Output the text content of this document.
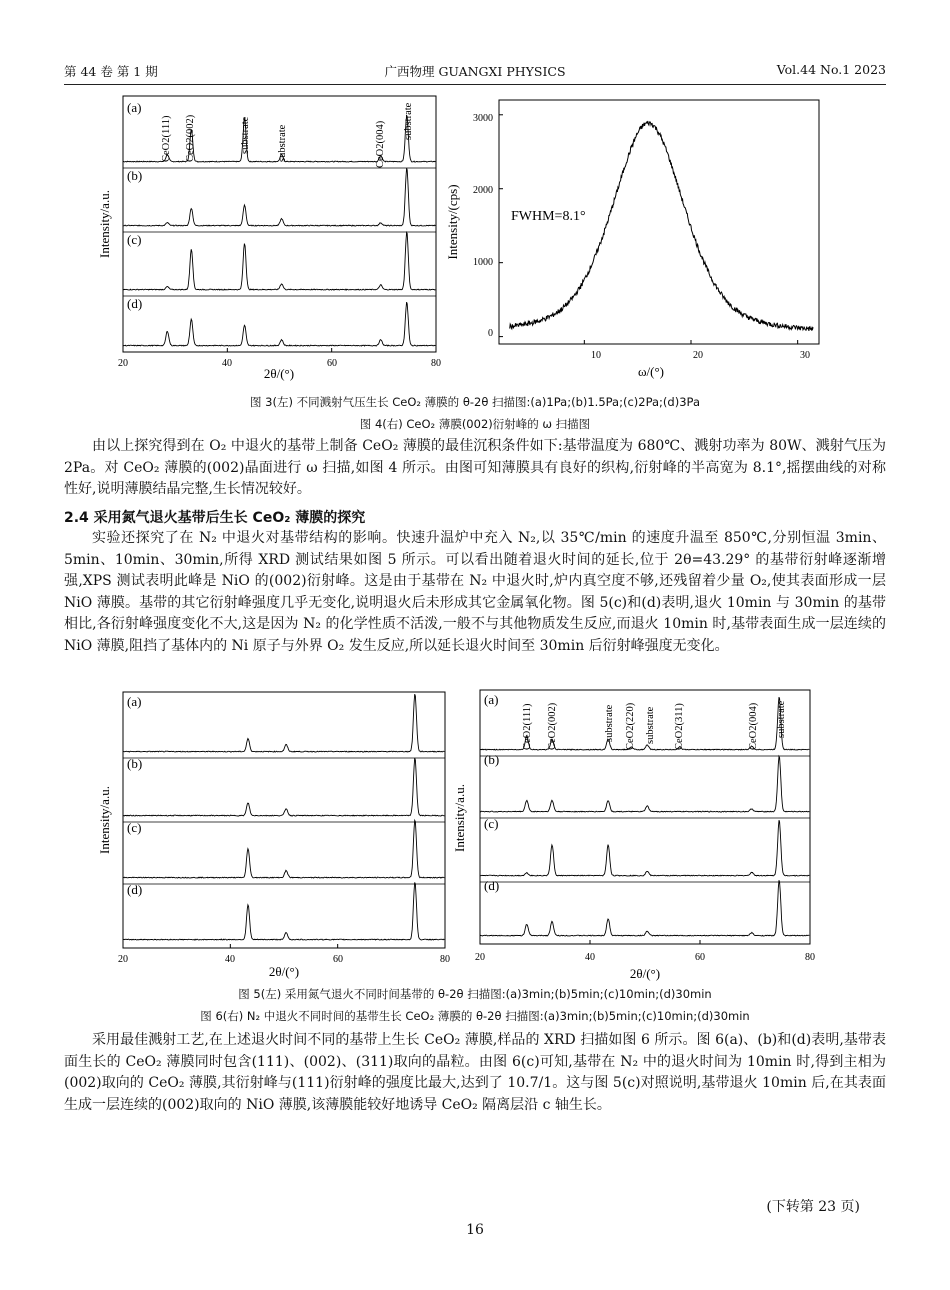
第 44 卷 第 1 期	广西物理 GUANGXI PHYSICS	Vol.44 No.1 2023
Intensity/a.u.
2θ/(°)
20	40	60	80
(a)
(b)
(c)
(d)
CeO2(111) CeO2(002)	substrate substrate	CeO2(004) substrate
Intensity/(cps)
ω/(°)
10	20	30
0
1000
2000
3000
FWHM=8.1°
图 3(左) 不同溅射气压生长 CeO₂ 薄膜的 θ-2θ 扫描图:(a)1Pa;(b)1.5Pa;(c)2Pa;(d)3Pa
图 4(右) CeO₂ 薄膜(002)衍射峰的 ω 扫描图

由以上探究得到在 O₂ 中退火的基带上制备 CeO₂ 薄膜的最佳沉积条件如下:基带温度为 680℃、溅射功率为 80W、溅射气压为 2Pa。对 CeO₂ 薄膜的(002)晶面进行 ω 扫描,如图 4 所示。由图可知薄膜具有良好的织构,衍射峰的半高宽为 8.1°,摇摆曲线的对称性好,说明薄膜结晶完整,生长情况较好。

2.4 采用氮气退火基带后生长 CeO₂ 薄膜的探究

实验还探究了在 N₂ 中退火对基带结构的影响。快速升温炉中充入 N₂,以 35℃/min 的速度升温至 850℃,分别恒温 3min、5min、10min、30min,所得 XRD 测试结果如图 5 所示。可以看出随着退火时间的延长,位于 2θ=43.29° 的基带衍射峰逐渐增强,XPS 测试表明此峰是 NiO 的(002)衍射峰。这是由于基带在 N₂ 中退火时,炉内真空度不够,还残留着少量 O₂,使其表面形成一层 NiO 薄膜。基带的其它衍射峰强度几乎无变化,说明退火后未形成其它金属氧化物。图 5(c)和(d)表明,退火 10min 与 30min 的基带相比,各衍射峰强度变化不大,这是因为 N₂ 的化学性质不活泼,一般不与其他物质发生反应,而退火 10min 时,基带表面生成一层连续的 NiO 薄膜,阻挡了基体内的 Ni 原子与外界 O₂ 发生反应,所以延长退火时间至 30min 后衍射峰强度无变化。

Intensity/a.u.
2θ/(°)
20	40	60	80
(a)
(b)
(c)
(d)
Intensity/a.u.
2θ/(°)
20	40	60	80
(a)
(b)
(c)
(d)
CeO2(111) CeO2(002)	substrate CeO2(220) substrate CeO2(311)	CeO2(004) substrate
图 5(左) 采用氮气退火不同时间基带的 θ-2θ 扫描图:(a)3min;(b)5min;(c)10min;(d)30min
图 6(右) N₂ 中退火不同时间的基带生长 CeO₂ 薄膜的 θ-2θ 扫描图:(a)3min;(b)5min;(c)10min;(d)30min

采用最佳溅射工艺,在上述退火时间不同的基带上生长 CeO₂ 薄膜,样品的 XRD 扫描如图 6 所示。图 6(a)、(b)和(d)表明,基带表面生长的 CeO₂ 薄膜同时包含(111)、(002)、(311)取向的晶粒。由图 6(c)可知,基带在 N₂ 中的退火时间为 10min 时,得到主相为(002)取向的 CeO₂ 薄膜,其衍射峰与(111)衍射峰的强度比最大,达到了 10.7/1。这与图 5(c)对照说明,基带退火 10min 后,在其表面生成一层连续的(002)取向的 NiO 薄膜,该薄膜能较好地诱导 CeO₂ 隔离层沿 c 轴生长。

(下转第 23 页)
16
